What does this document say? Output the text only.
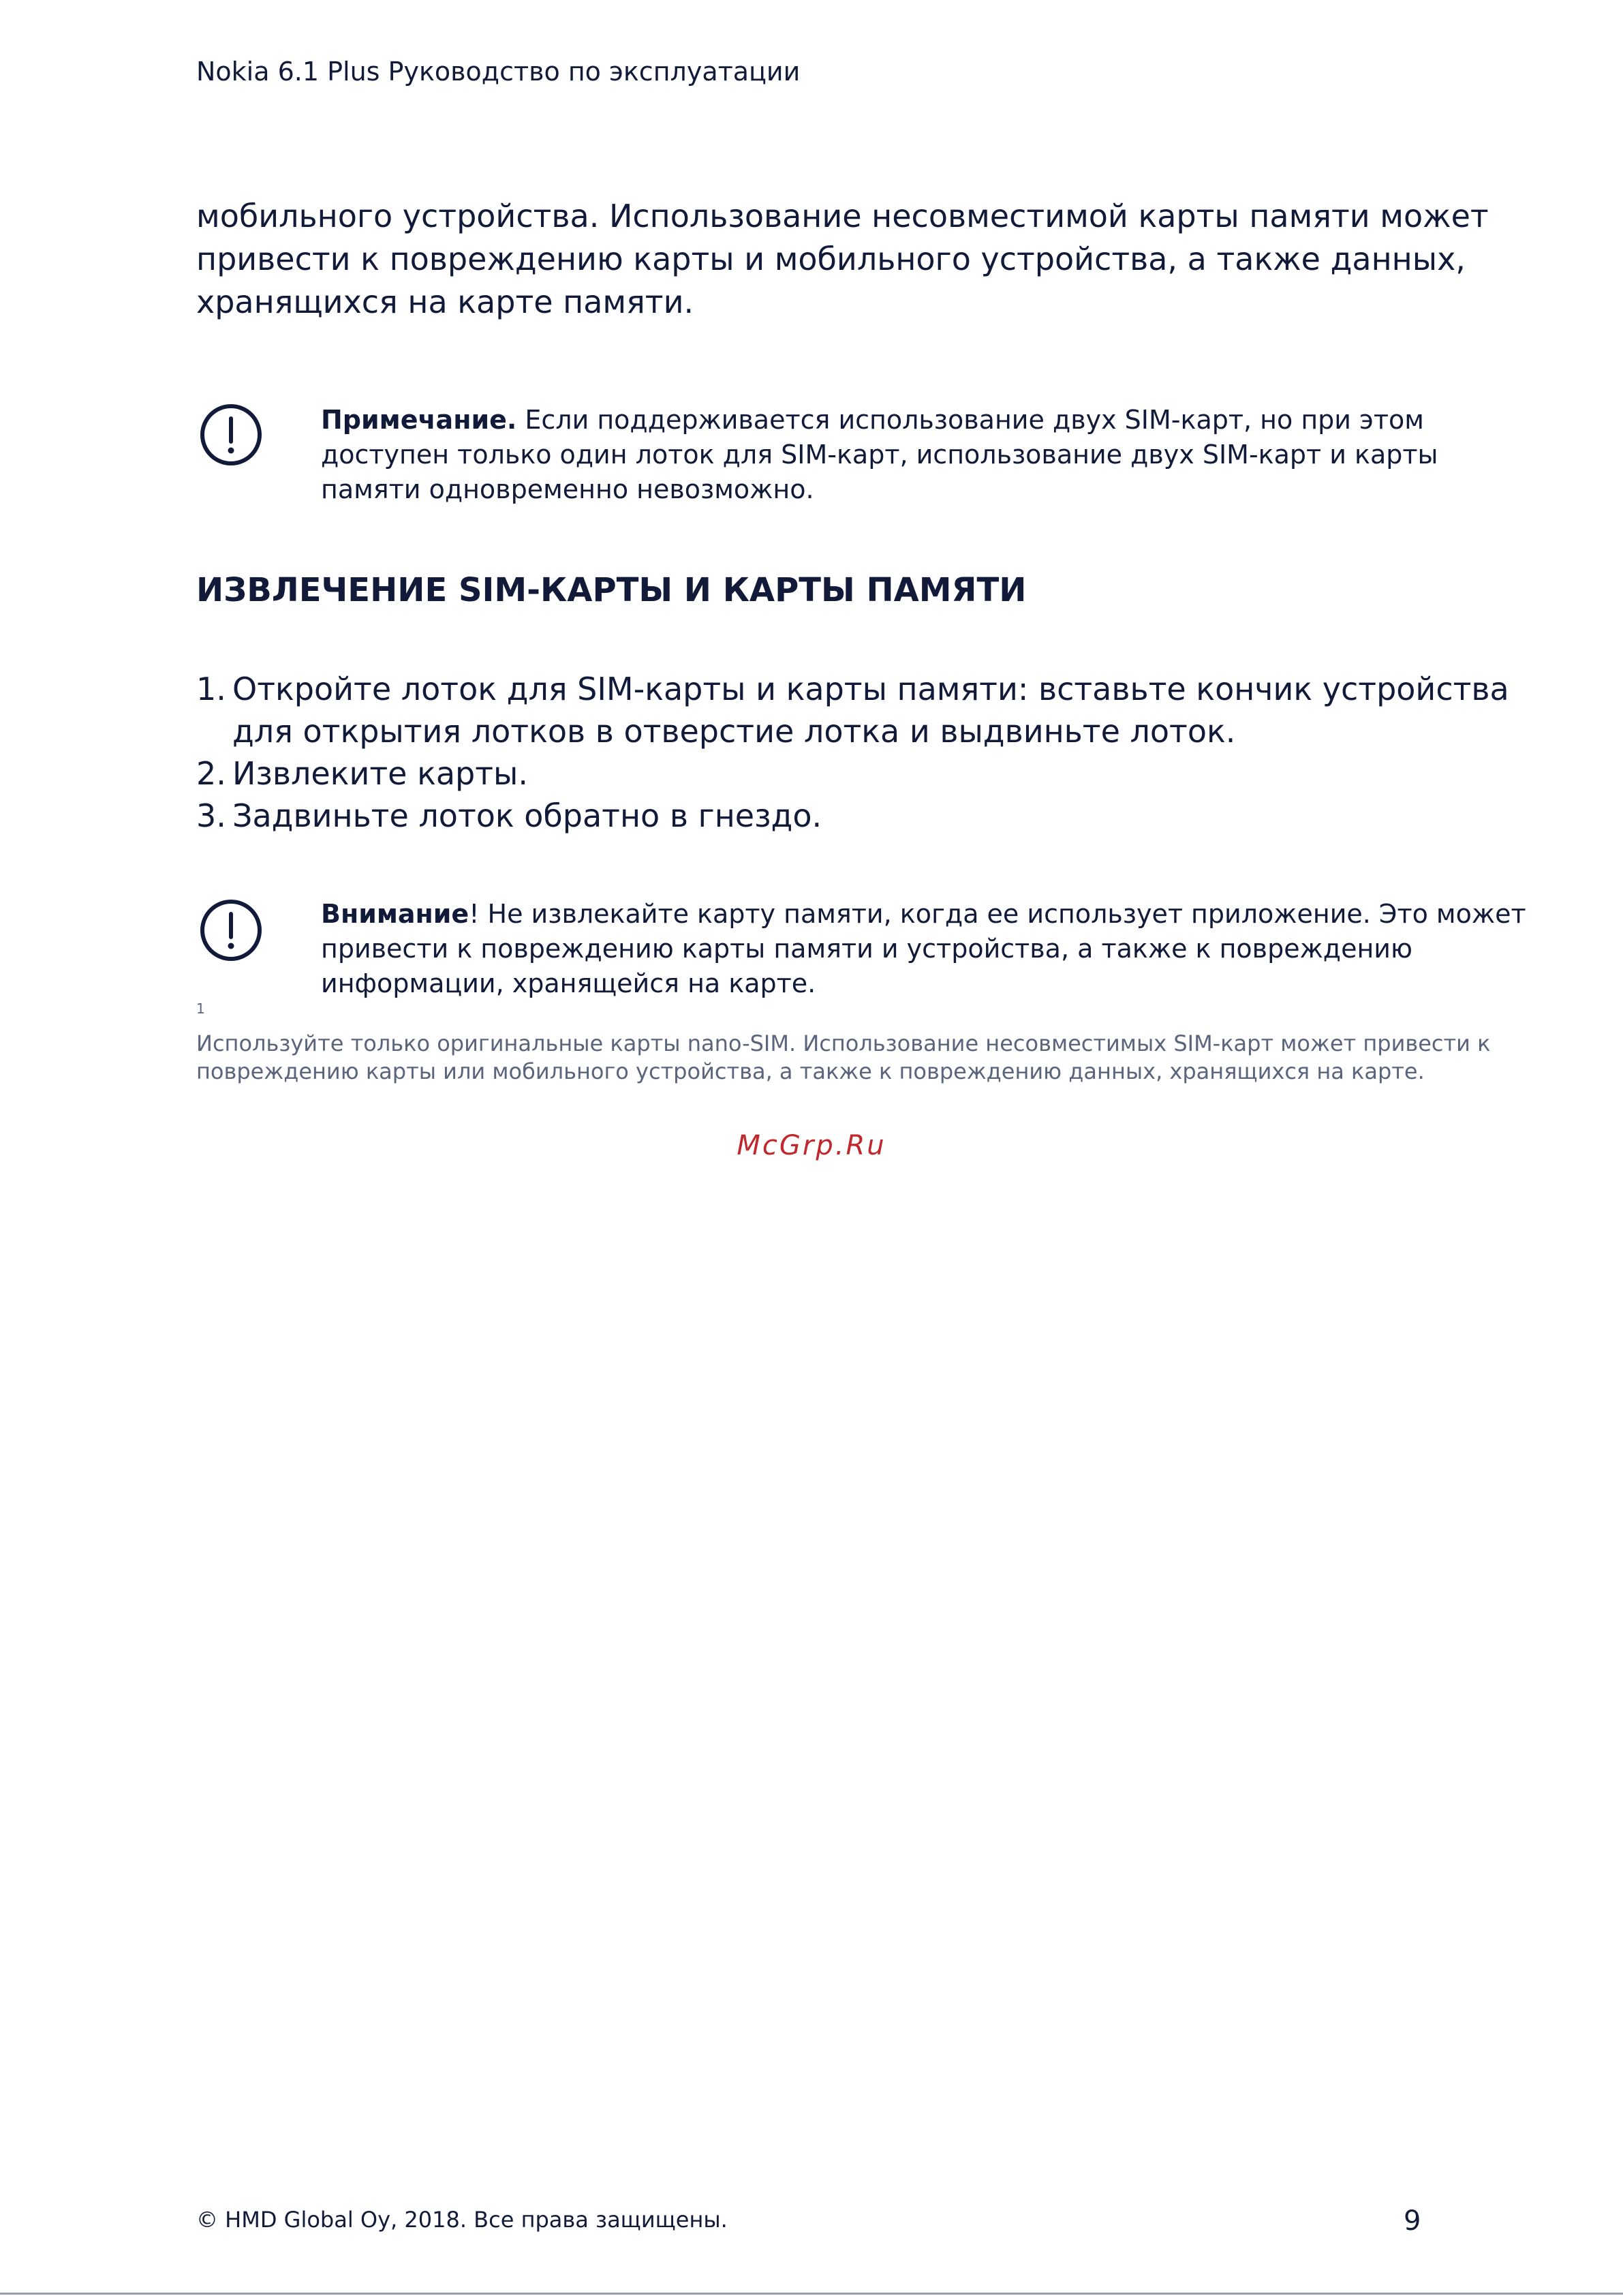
Nokia 6.1 Plus Руководство по эксплуатации
мобильного устройства. Использование несовместимой карты памяти может
привести к повреждению карты и мобильного устройства, а также данных,
хранящихся на карте памяти.
Примечание. Если поддерживается использование двух SIM-карт, но при этом
доступен только один лоток для SIM-карт, использование двух SIM-карт и карты
памяти одновременно невозможно.
ИЗВЛЕЧЕНИЕ SIM-КАРТЫ И КАРТЫ ПАМЯТИ
1. Откройте лоток для SIM-карты и карты памяти: вставьте кончик устройства
для открытия лотков в отверстие лотка и выдвиньте лоток.
2. Извлеките карты.
3. Задвиньте лоток обратно в гнездо.
Внимание! Не извлекайте карту памяти, когда ее использует приложение. Это может
привести к повреждению карты памяти и устройства, а также к повреждению
информации, хранящейся на карте.
1
Используйте только оригинальные карты nano-SIM. Использование несовместимых SIM-карт может привести к
повреждению карты или мобильного устройства, а также к повреждению данных, хранящихся на карте.
McGrp.Ru
© HMD Global Oy, 2018. Все права защищены.	9
